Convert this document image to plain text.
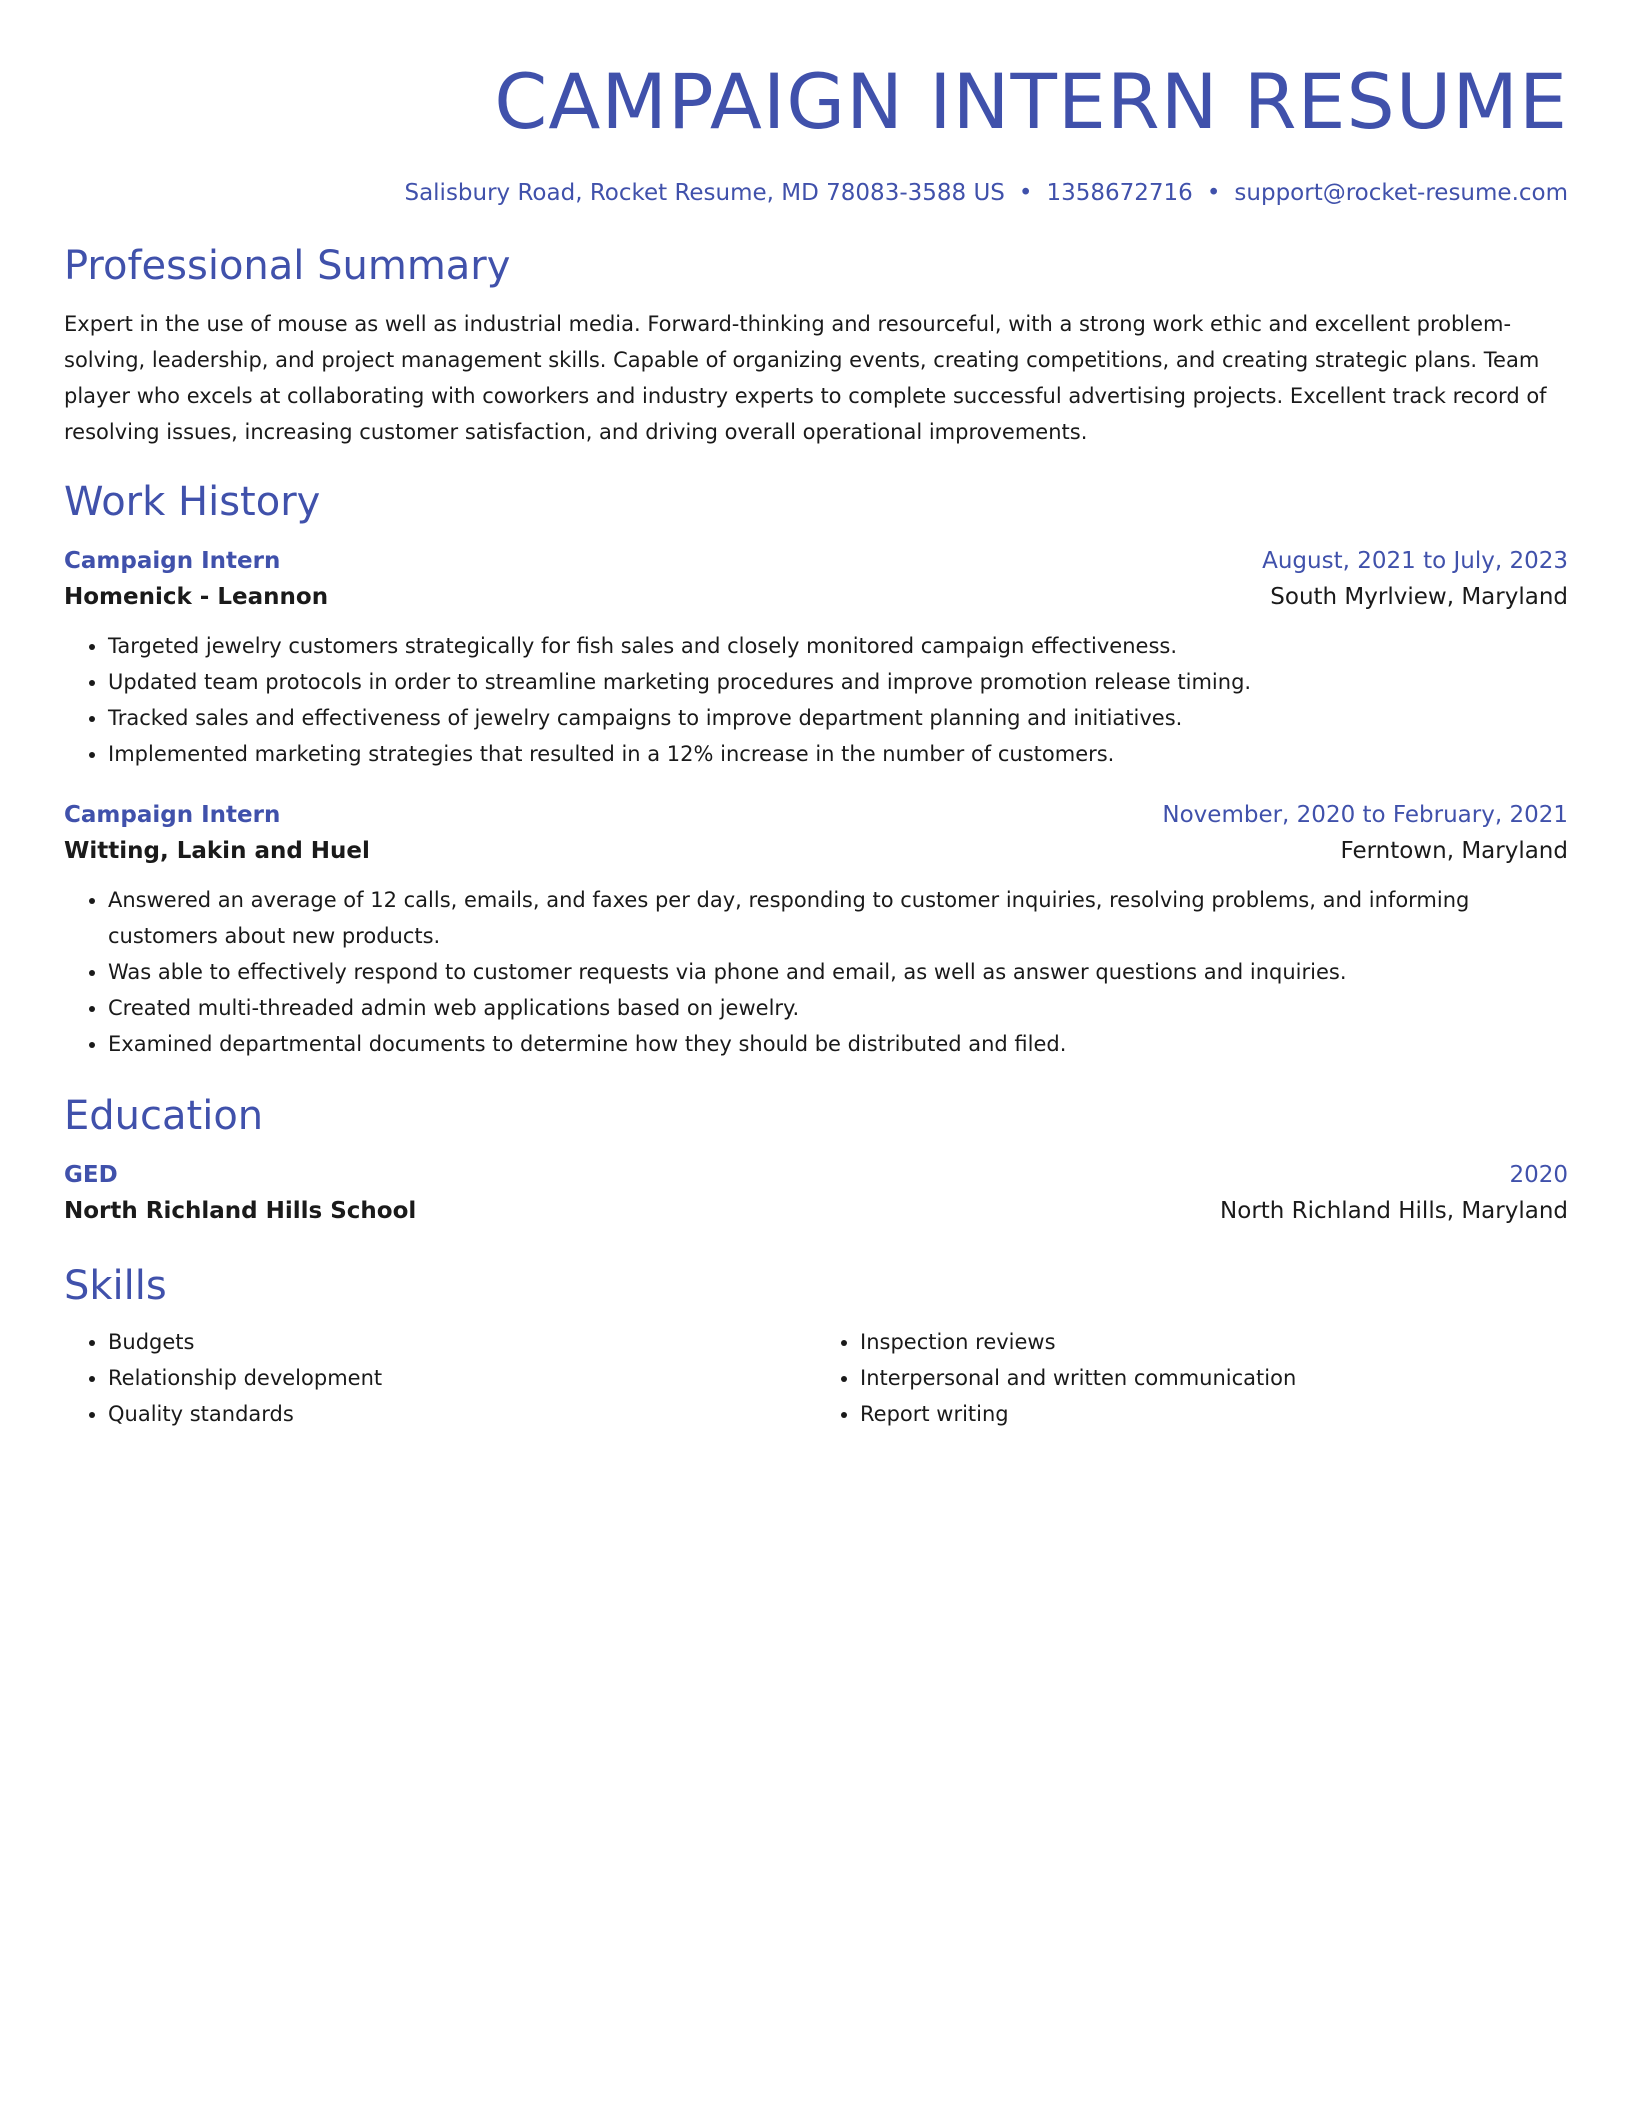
CAMPAIGN INTERN RESUME
Salisbury Road, Rocket Resume, MD 78083-3588 US • 1358672716 • support@rocket-resume.com
Professional Summary

Expert in the use of mouse as well as industrial media. Forward-thinking and resourceful, with a strong work ethic and excellent problem-solving, leadership, and project management skills. Capable of organizing events, creating competitions, and creating strategic plans. Team player who excels at collaborating with coworkers and industry experts to complete successful advertising projects. Excellent track record of resolving issues, increasing customer satisfaction, and driving overall operational improvements.

Work History
Campaign Intern	August, 2021 to July, 2023
Homenick - Leannon	South Myrlview, Maryland
• Targeted jewelry customers strategically for fish sales and closely monitored campaign effectiveness.
• Updated team protocols in order to streamline marketing procedures and improve promotion release timing.
• Tracked sales and effectiveness of jewelry campaigns to improve department planning and initiatives.
• Implemented marketing strategies that resulted in a 12% increase in the number of customers.
Campaign Intern	November, 2020 to February, 2021
Witting, Lakin and Huel	Ferntown, Maryland
• Answered an average of 12 calls, emails, and faxes per day, responding to customer inquiries, resolving problems, and informing customers about new products.
• Was able to effectively respond to customer requests via phone and email, as well as answer questions and inquiries.
• Created multi-threaded admin web applications based on jewelry.
• Examined departmental documents to determine how they should be distributed and filed.
Education
GED	2020
North Richland Hills School	North Richland Hills, Maryland
Skills
• Budgets
• Relationship development
• Quality standards
• Inspection reviews
• Interpersonal and written communication
• Report writing
